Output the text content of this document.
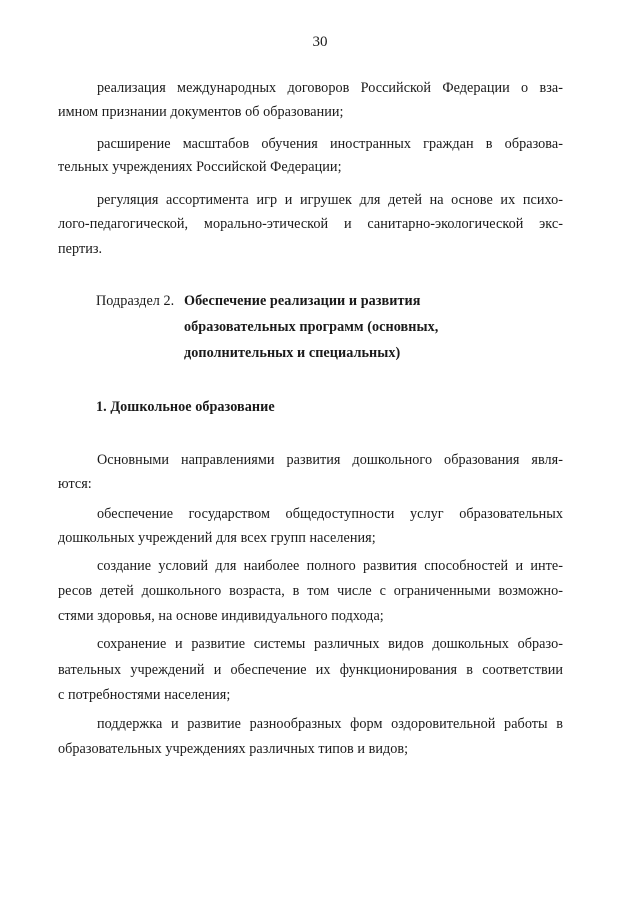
30
реализация международных договоров Российской Федерации о вза-
имном признании документов об образовании;
расширение масштабов обучения иностранных граждан в образова-
тельных учреждениях Российской Федерации;
регуляция ассортимента игр и игрушек для детей на основе их психо-
лого-педагогической, морально-этической и санитарно-экологической экс-
пертиз.
Подраздел 2. Обеспечение реализации и развития
образовательных программ (основных,
дополнительных и специальных)
1. Дошкольное образование
Основными направлениями развития дошкольного образования явля-
ются:
обеспечение государством общедоступности услуг образовательных
дошкольных учреждений для всех групп населения;
создание условий для наиболее полного развития способностей и инте-
ресов детей дошкольного возраста, в том числе с ограниченными возможно-
стями здоровья, на основе индивидуального подхода;
сохранение и развитие системы различных видов дошкольных образо-
вательных учреждений и обеспечение их функционирования в соответствии
с потребностями населения;
поддержка и развитие разнообразных форм оздоровительной работы в
образовательных учреждениях различных типов и видов;
